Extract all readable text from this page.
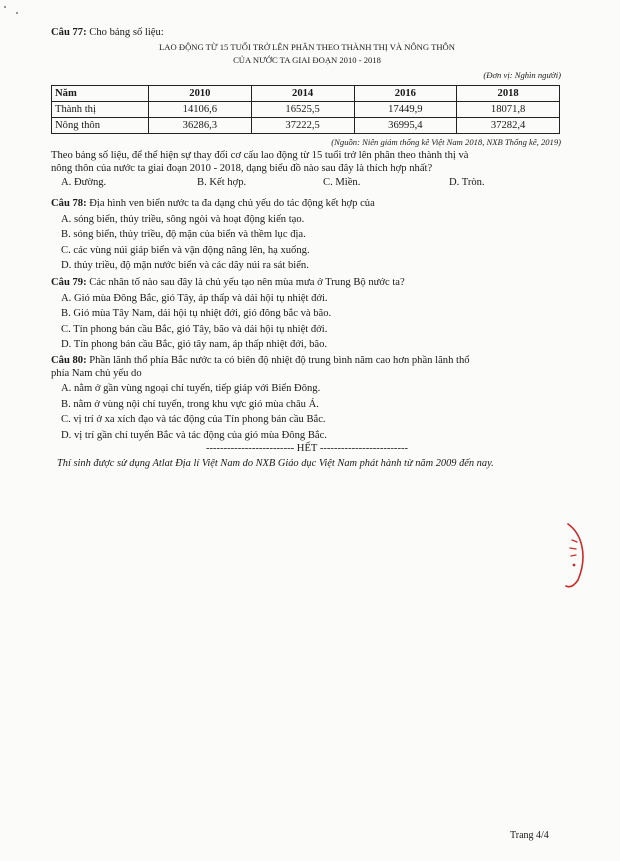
Câu 77: Cho bảng số liệu:
LAO ĐỘNG TỪ 15 TUỔI TRỞ LÊN PHÂN THEO THÀNH THỊ VÀ NÔNG THÔN
CỦA NƯỚC TA GIAI ĐOẠN 2010 - 2018
(Đơn vị: Nghìn người)
Năm	2010	2014	2016	2018
Thành thị	14106,6	16525,5	17449,9	18071,8
Nông thôn	36286,3	37222,5	36995,4	37282,4
(Nguồn: Niên giám thống kê Việt Nam 2018, NXB Thống kê, 2019)
Theo bảng số liệu, để thể hiện sự thay đổi cơ cấu lao động từ 15 tuổi trở lên phân theo thành thị và
nông thôn của nước ta giai đoạn 2010 - 2018, dạng biểu đồ nào sau đây là thích hợp nhất?
A. Đường.	B. Kết hợp.	C. Miền.	D. Tròn.
Câu 78: Địa hình ven biển nước ta đa dạng chủ yếu do tác động kết hợp của
A. sóng biển, thủy triều, sông ngòi và hoạt động kiến tạo.
B. sóng biển, thủy triều, độ mặn của biển và thềm lục địa.
C. các vùng núi giáp biển và vận động nâng lên, hạ xuống.
D. thủy triều, độ mặn nước biển và các dãy núi ra sát biển.
Câu 79: Các nhân tố nào sau đây là chủ yếu tạo nên mùa mưa ở Trung Bộ nước ta?
A. Gió mùa Đông Bắc, gió Tây, áp thấp và dải hội tụ nhiệt đới.
B. Gió mùa Tây Nam, dải hội tụ nhiệt đới, gió đông bắc và bão.
C. Tín phong bán cầu Bắc, gió Tây, bão và dải hội tụ nhiệt đới.
D. Tín phong bán cầu Bắc, gió tây nam, áp thấp nhiệt đới, bão.
Câu 80: Phần lãnh thổ phía Bắc nước ta có biên độ nhiệt độ trung bình năm cao hơn phần lãnh thổ
phía Nam chủ yếu do
A. nằm ở gần vùng ngoại chí tuyến, tiếp giáp với Biển Đông.
B. nằm ở vùng nội chí tuyến, trong khu vực gió mùa châu Á.
C. vị trí ở xa xích đạo và tác động của Tín phong bán cầu Bắc.
D. vị trí gần chí tuyến Bắc và tác động của gió mùa Đông Bắc.
------------------------- HẾT -------------------------
Thí sinh được sử dụng Atlat Địa lí Việt Nam do NXB Giáo dục Việt Nam phát hành từ năm 2009 đến nay.
Trang 4/4
